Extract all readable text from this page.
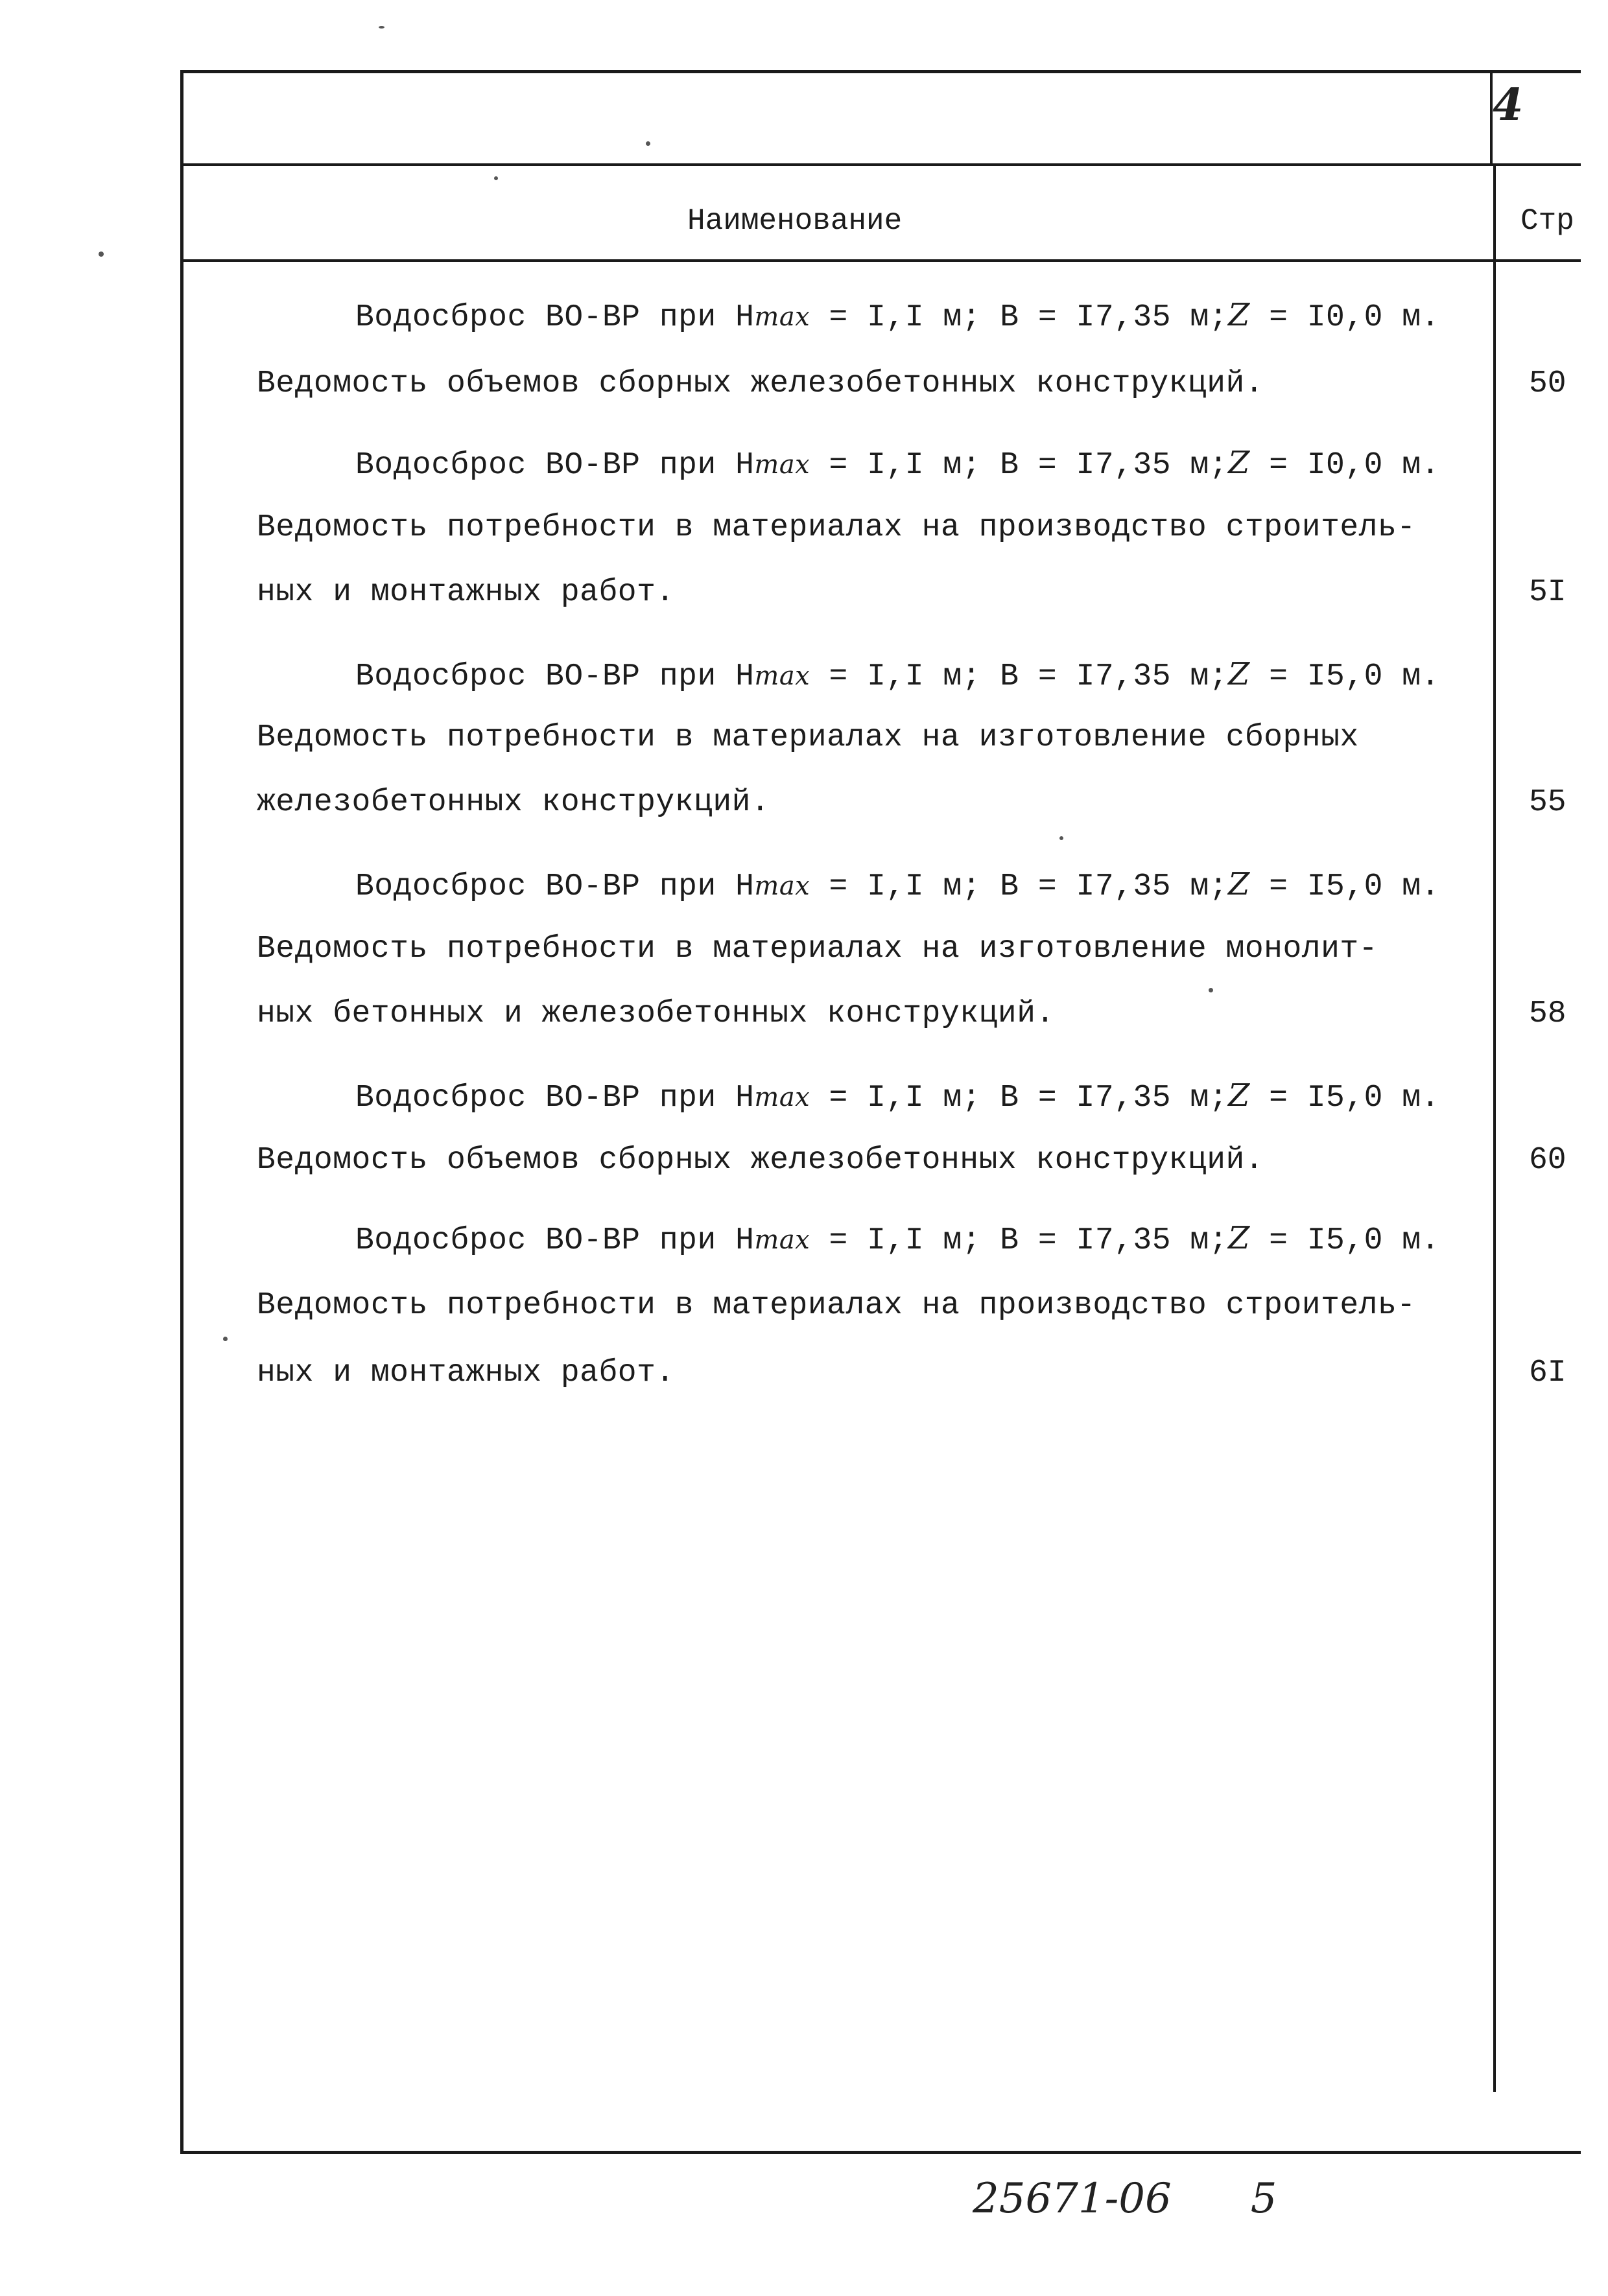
4
Наименование	Стр
Водосброс ВО-ВР при Нmax = I,I м; В = I7,35 м;Z = I0,0 м.
Ведомость объемов сборных железобетонных конструкций.	50
Водосброс ВО-ВР при Нmax = I,I м; В = I7,35 м;Z = I0,0 м.
Ведомость потребности в материалах на производство строитель-
ных и монтажных работ.	5I
Водосброс ВО-ВР при Нmax = I,I м; В = I7,35 м;Z = I5,0 м.
Ведомость потребности в материалах на изготовление сборных
железобетонных конструкций.	55
Водосброс ВО-ВР при Нmax = I,I м; В = I7,35 м;Z = I5,0 м.
Ведомость потребности в материалах на изготовление монолит-
ных бетонных и железобетонных конструкций.	58
Водосброс ВО-ВР при Нmax = I,I м; В = I7,35 м;Z = I5,0 м.
Ведомость объемов сборных железобетонных конструкций.	60
Водосброс ВО-ВР при Нmax = I,I м; В = I7,35 м;Z = I5,0 м.
Ведомость потребности в материалах на производство строитель-
ных и монтажных работ.	6I
25671-06 5
